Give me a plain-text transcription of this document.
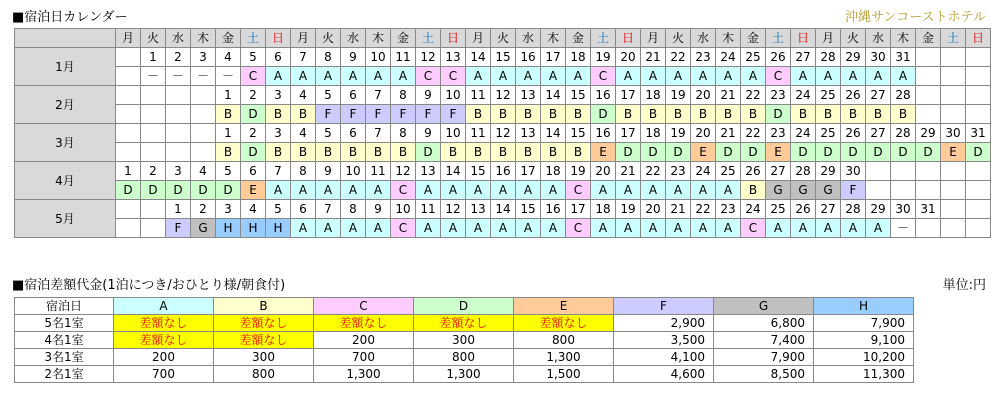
■宿泊日カレンダー	沖縄サンコーストホテル
	月	火	水	木	金	土	日	月	火	水	木	金	土	日	月	火	水	木	金	土	日	月	火	水	木	金	土	日	月	火	水	木	金	土	日
1月		1	2	3	4	5	6	7	8	9	10	11	12	13	14	15	16	17	18	19	20	21	22	23	24	25	26	27	28	29	30	31			
		－	－	－	－	C	A	A	A	A	A	A	C	C	A	A	A	A	A	C	A	A	A	A	A	A	C	A	A	A	A	A			
2月					1	2	3	4	5	6	7	8	9	10	11	12	13	14	15	16	17	18	19	20	21	22	23	24	25	26	27	28			
					B	D	B	B	F	F	F	F	F	F	B	B	B	B	B	D	B	B	B	B	B	B	D	B	B	B	B	B			
3月					1	2	3	4	5	6	7	8	9	10	11	12	13	14	15	16	17	18	19	20	21	22	23	24	25	26	27	28	29	30	31
					B	D	B	B	B	B	B	B	D	B	B	B	B	B	B	E	D	D	D	E	D	D	E	D	D	D	D	D	D	E	D
4月	1	2	3	4	5	6	7	8	9	10	11	12	13	14	15	16	17	18	19	20	21	22	23	24	25	26	27	28	29	30					
	D	D	D	D	D	E	A	A	A	A	A	C	A	A	A	A	A	A	C	A	A	A	A	A	A	B	G	G	G	F					
5月			1	2	3	4	5	6	7	8	9	10	11	12	13	14	15	16	17	18	19	20	21	22	23	24	25	26	27	28	29	30	31		
			F	G	H	H	H	A	A	A	A	C	A	A	A	A	A	A	C	A	A	A	A	A	A	C	A	A	A	A	A	－			
■宿泊差額代金(1泊につき/おひとり様/朝食付)	単位:円
宿泊日	A	B	C	D	E	F	G	H
5名1室	差額なし	差額なし	差額なし	差額なし	差額なし	2,900	6,800	7,900
4名1室	差額なし	差額なし	200	300	800	3,500	7,400	9,100
3名1室	200	300	700	800	1,300	4,100	7,900	10,200
2名1室	700	800	1,300	1,300	1,500	4,600	8,500	11,300
